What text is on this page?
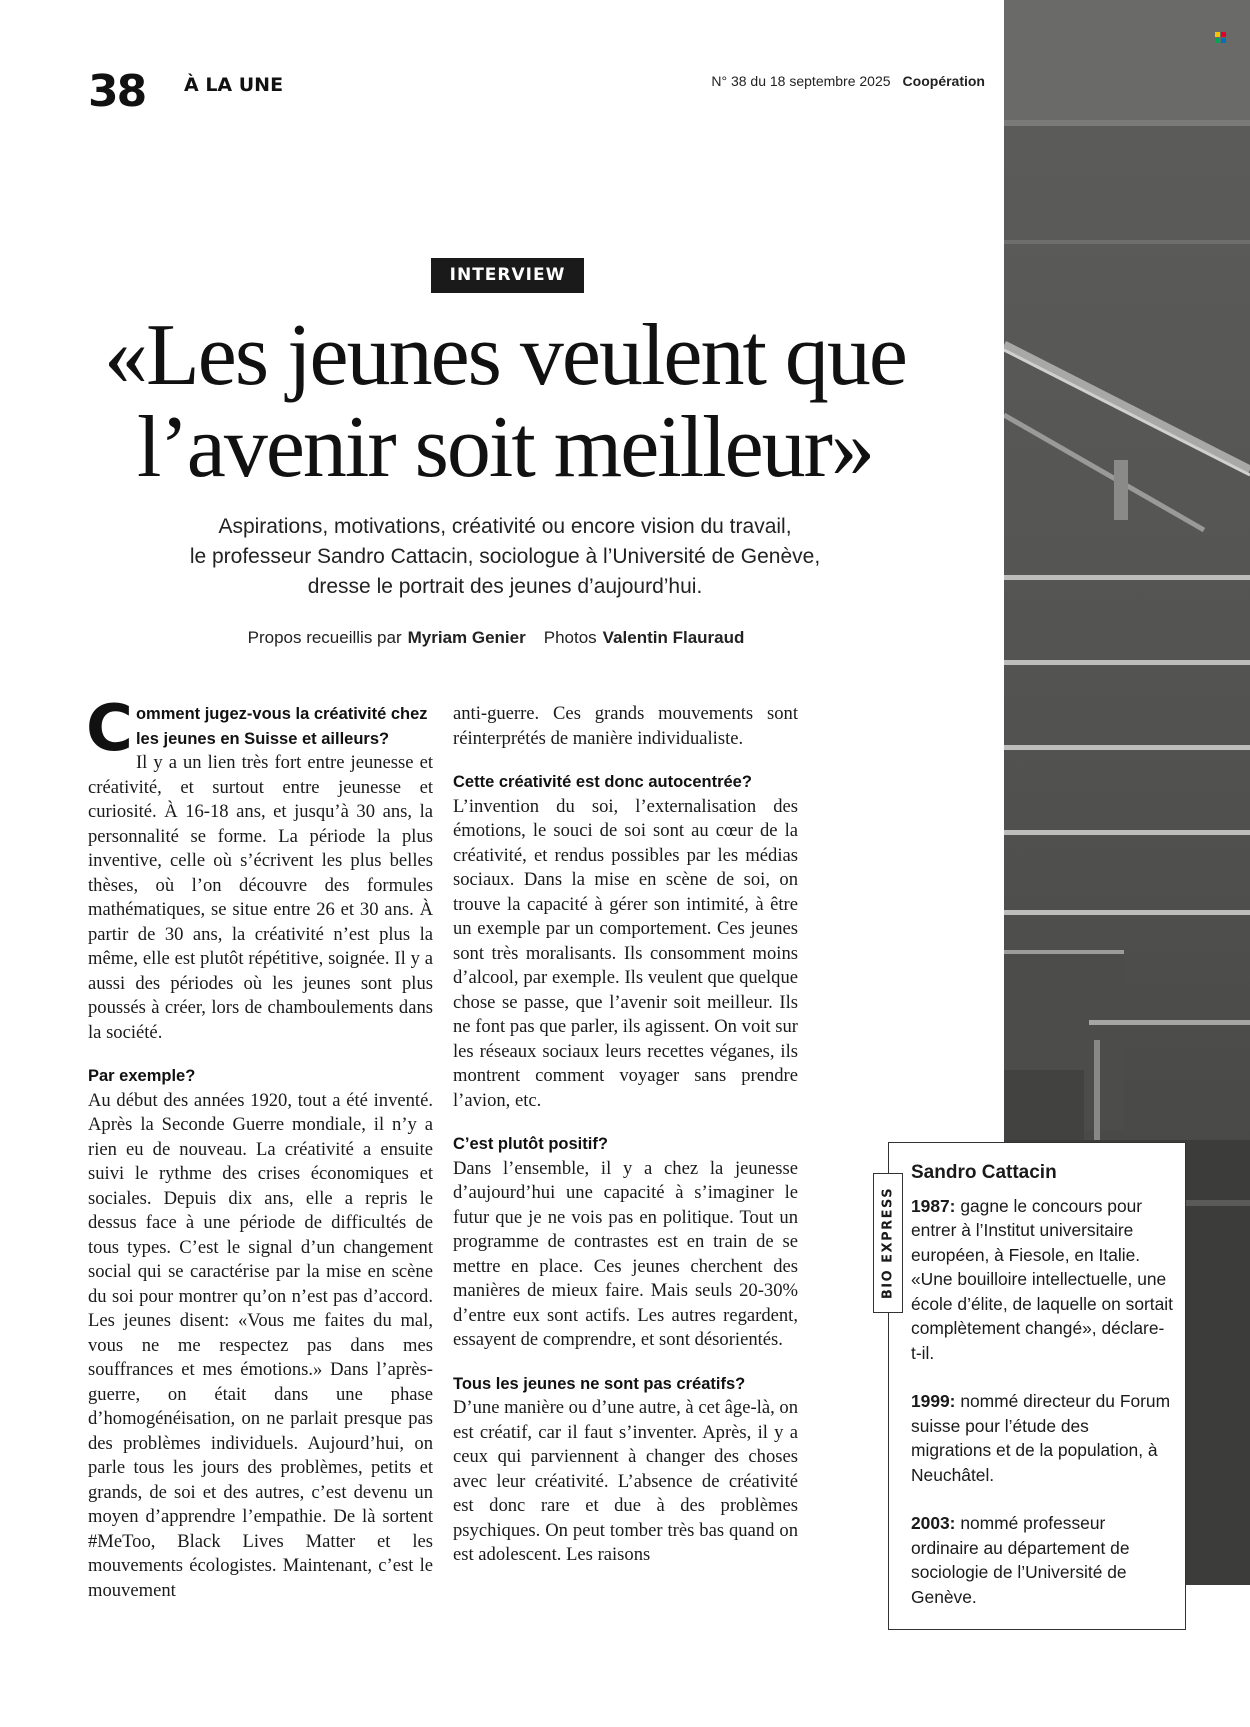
38 À LA UNE	N° 38 du 18 septembre 2025 Coopération
INTERVIEW
«Les jeunes veulent que
l’avenir soit meilleur»

Aspirations, motivations, créativité ou encore vision du travail,
le professeur Sandro Cattacin, sociologue à l’Université de Genève,
dresse le portrait des jeunes d’aujourd’hui.

Propos recueillis par Myriam Genier Photos Valentin Flauraud

Comment jugez-vous la créativité chez les jeunes en Suisse et ailleurs?
Il y a un lien très fort entre jeunesse et créativité, et surtout entre jeunesse et curiosité. À 16-18 ans, et jusqu’à 30 ans, la personnalité se forme. La période la plus inventive, celle où s’écrivent les plus belles thèses, où l’on découvre des formules mathématiques, se situe entre 26 et 30 ans. À partir de 30 ans, la créativité n’est plus la même, elle est plutôt répétitive, soignée. Il y a aussi des périodes où les jeunes sont plus poussés à créer, lors de chamboulements dans la société.

Par exemple?
Au début des années 1920, tout a été inventé. Après la Seconde Guerre mondiale, il n’y a rien eu de nouveau. La créativité a ensuite suivi le rythme des crises économiques et sociales. Depuis dix ans, elle a repris le dessus face à une période de difficultés de tous types. C’est le signal d’un changement social qui se caractérise par la mise en scène du soi pour montrer qu’on n’est pas d’accord. Les jeunes disent: «Vous me faites du mal, vous ne me respectez pas dans mes souffrances et mes émotions.» Dans l’après-guerre, on était dans une phase d’homogénéisation, on ne parlait presque pas des problèmes individuels. Aujourd’hui, on parle tous les jours des problèmes, petits et grands, de soi et des autres, c’est devenu un moyen d’apprendre l’empathie. De là sortent #MeToo, Black Lives Matter et les mouvements écologistes. Maintenant, c’est le mouvement

anti-guerre. Ces grands mouvements sont réinterprétés de manière individualiste.

Cette créativité est donc autocentrée?
L’invention du soi, l’externalisation des émotions, le souci de soi sont au cœur de la créativité, et rendus possibles par les médias sociaux. Dans la mise en scène de soi, on trouve la capacité à gérer son intimité, à être un exemple par un comportement. Ces jeunes sont très moralisants. Ils consomment moins d’alcool, par exemple. Ils veulent que quelque chose se passe, que l’avenir soit meilleur. Ils ne font pas que parler, ils agissent. On voit sur les réseaux sociaux leurs recettes véganes, ils montrent comment voyager sans prendre l’avion, etc.

C’est plutôt positif?
Dans l’ensemble, il y a chez la jeunesse d’aujourd’hui une capacité à s’imaginer le futur que je ne vois pas en politique. Tout un programme de contrastes est en train de se mettre en place. Ces jeunes cherchent des manières de mieux faire. Mais seuls 20-30% d’entre eux sont actifs. Les autres regardent, essayent de comprendre, et sont désorientés.

Tous les jeunes ne sont pas créatifs?
D’une manière ou d’une autre, à cet âge-là, on est créatif, car il faut s’inventer. Après, il y a ceux qui parviennent à changer des choses avec leur créativité. L’absence de créativité est donc rare et due à des problèmes psychiques. On peut tomber très bas quand on est adolescent. Les raisons

BIO EXPRESS
Sandro Cattacin
1987: gagne le concours pour entrer à l’Institut universitaire européen, à Fiesole, en Italie. «Une bouilloire intellectuelle, une école d’élite, de laquelle on sortait complètement changé», déclare-t-il.
1999: nommé directeur du Forum suisse pour l’étude des migrations et de la population, à Neuchâtel.
2003: nommé professeur ordinaire au département de sociologie de l’Université de Genève.
